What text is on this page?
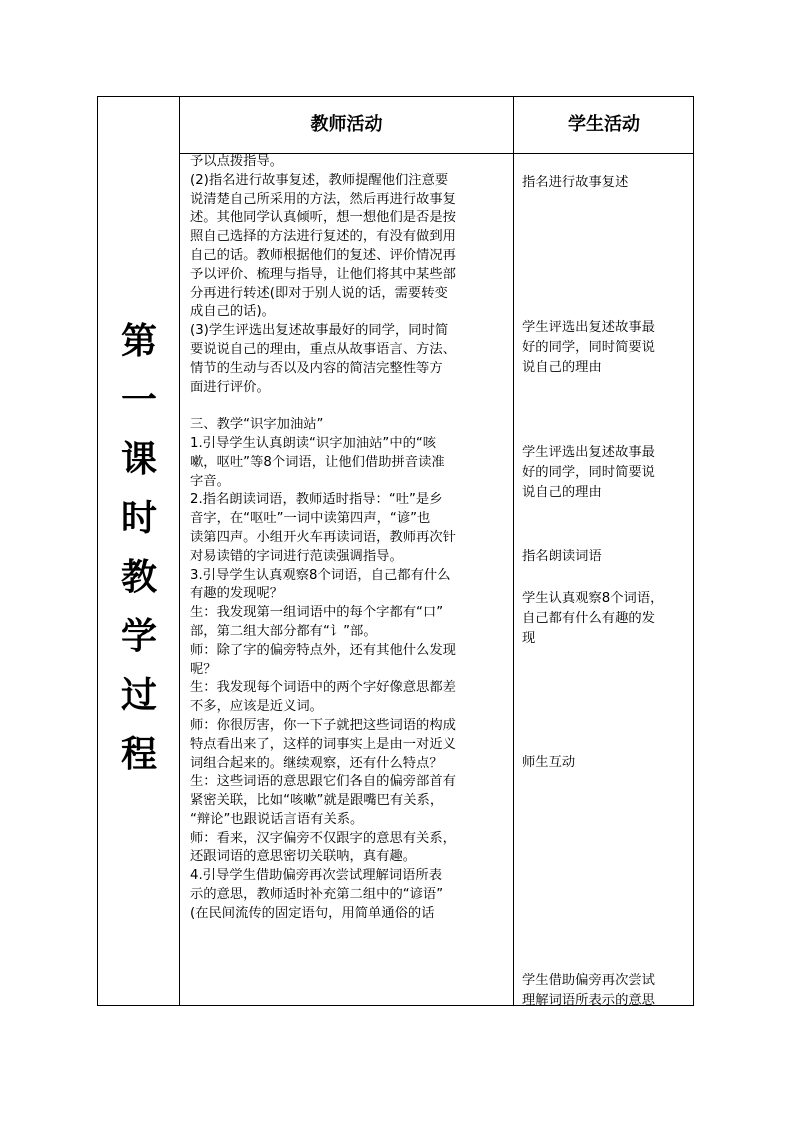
第
一
课
时
教
学
过
程
教师活动	学生活动
予以点拨指导。
(2)指名进行故事复述，教师提醒他们注意要
说清楚自己所采用的方法，然后再进行故事复
述。其他同学认真倾听，想一想他们是否是按
照自己选择的方法进行复述的，有没有做到用
自己的话。教师根据他们的复述、评价情况再
予以评价、梳理与指导，让他们将其中某些部
分再进行转述(即对于别人说的话，需要转变
成自己的话)。
(3)学生评选出复述故事最好的同学，同时简
要说说自己的理由，重点从故事语言、方法、
情节的生动与否以及内容的简洁完整性等方
面进行评价。
三、教学“识字加油站”
1.引导学生认真朗读“识字加油站”中的“咳
嗽，呕吐”等8个词语，让他们借助拼音读准
字音。
2.指名朗读词语，教师适时指导：“吐”是乡
音字，在“呕吐”一词中读第四声，“谚”也
读第四声。小组开火车再读词语，教师再次针
对易读错的字词进行范读强调指导。
3.引导学生认真观察8个词语，自己都有什么
有趣的发现呢？
生：我发现第一组词语中的每个字都有“口”
部，第二组大部分都有“讠”部。
师：除了字的偏旁特点外，还有其他什么发现
呢？
生：我发现每个词语中的两个字好像意思都差
不多，应该是近义词。
师：你很厉害，你一下子就把这些词语的构成
特点看出来了，这样的词事实上是由一对近义
词组合起来的。继续观察，还有什么特点？
生：这些词语的意思跟它们各自的偏旁部首有
紧密关联，比如“咳嗽”就是跟嘴巴有关系，
“辩论”也跟说话言语有关系。
师：看来，汉字偏旁不仅跟字的意思有关系，
还跟词语的意思密切关联呐，真有趣。
4.引导学生借助偏旁再次尝试理解词语所表
示的意思，教师适时补充第二组中的“谚语”
(在民间流传的固定语句，用简单通俗的话
指名进行故事复述
学生评选出复述故事最
好的同学，同时简要说
说自己的理由
学生评选出复述故事最
好的同学，同时简要说
说自己的理由
指名朗读词语
学生认真观察8个词语，
自己都有什么有趣的发
现
师生互动
学生借助偏旁再次尝试
理解词语所表示的意思
